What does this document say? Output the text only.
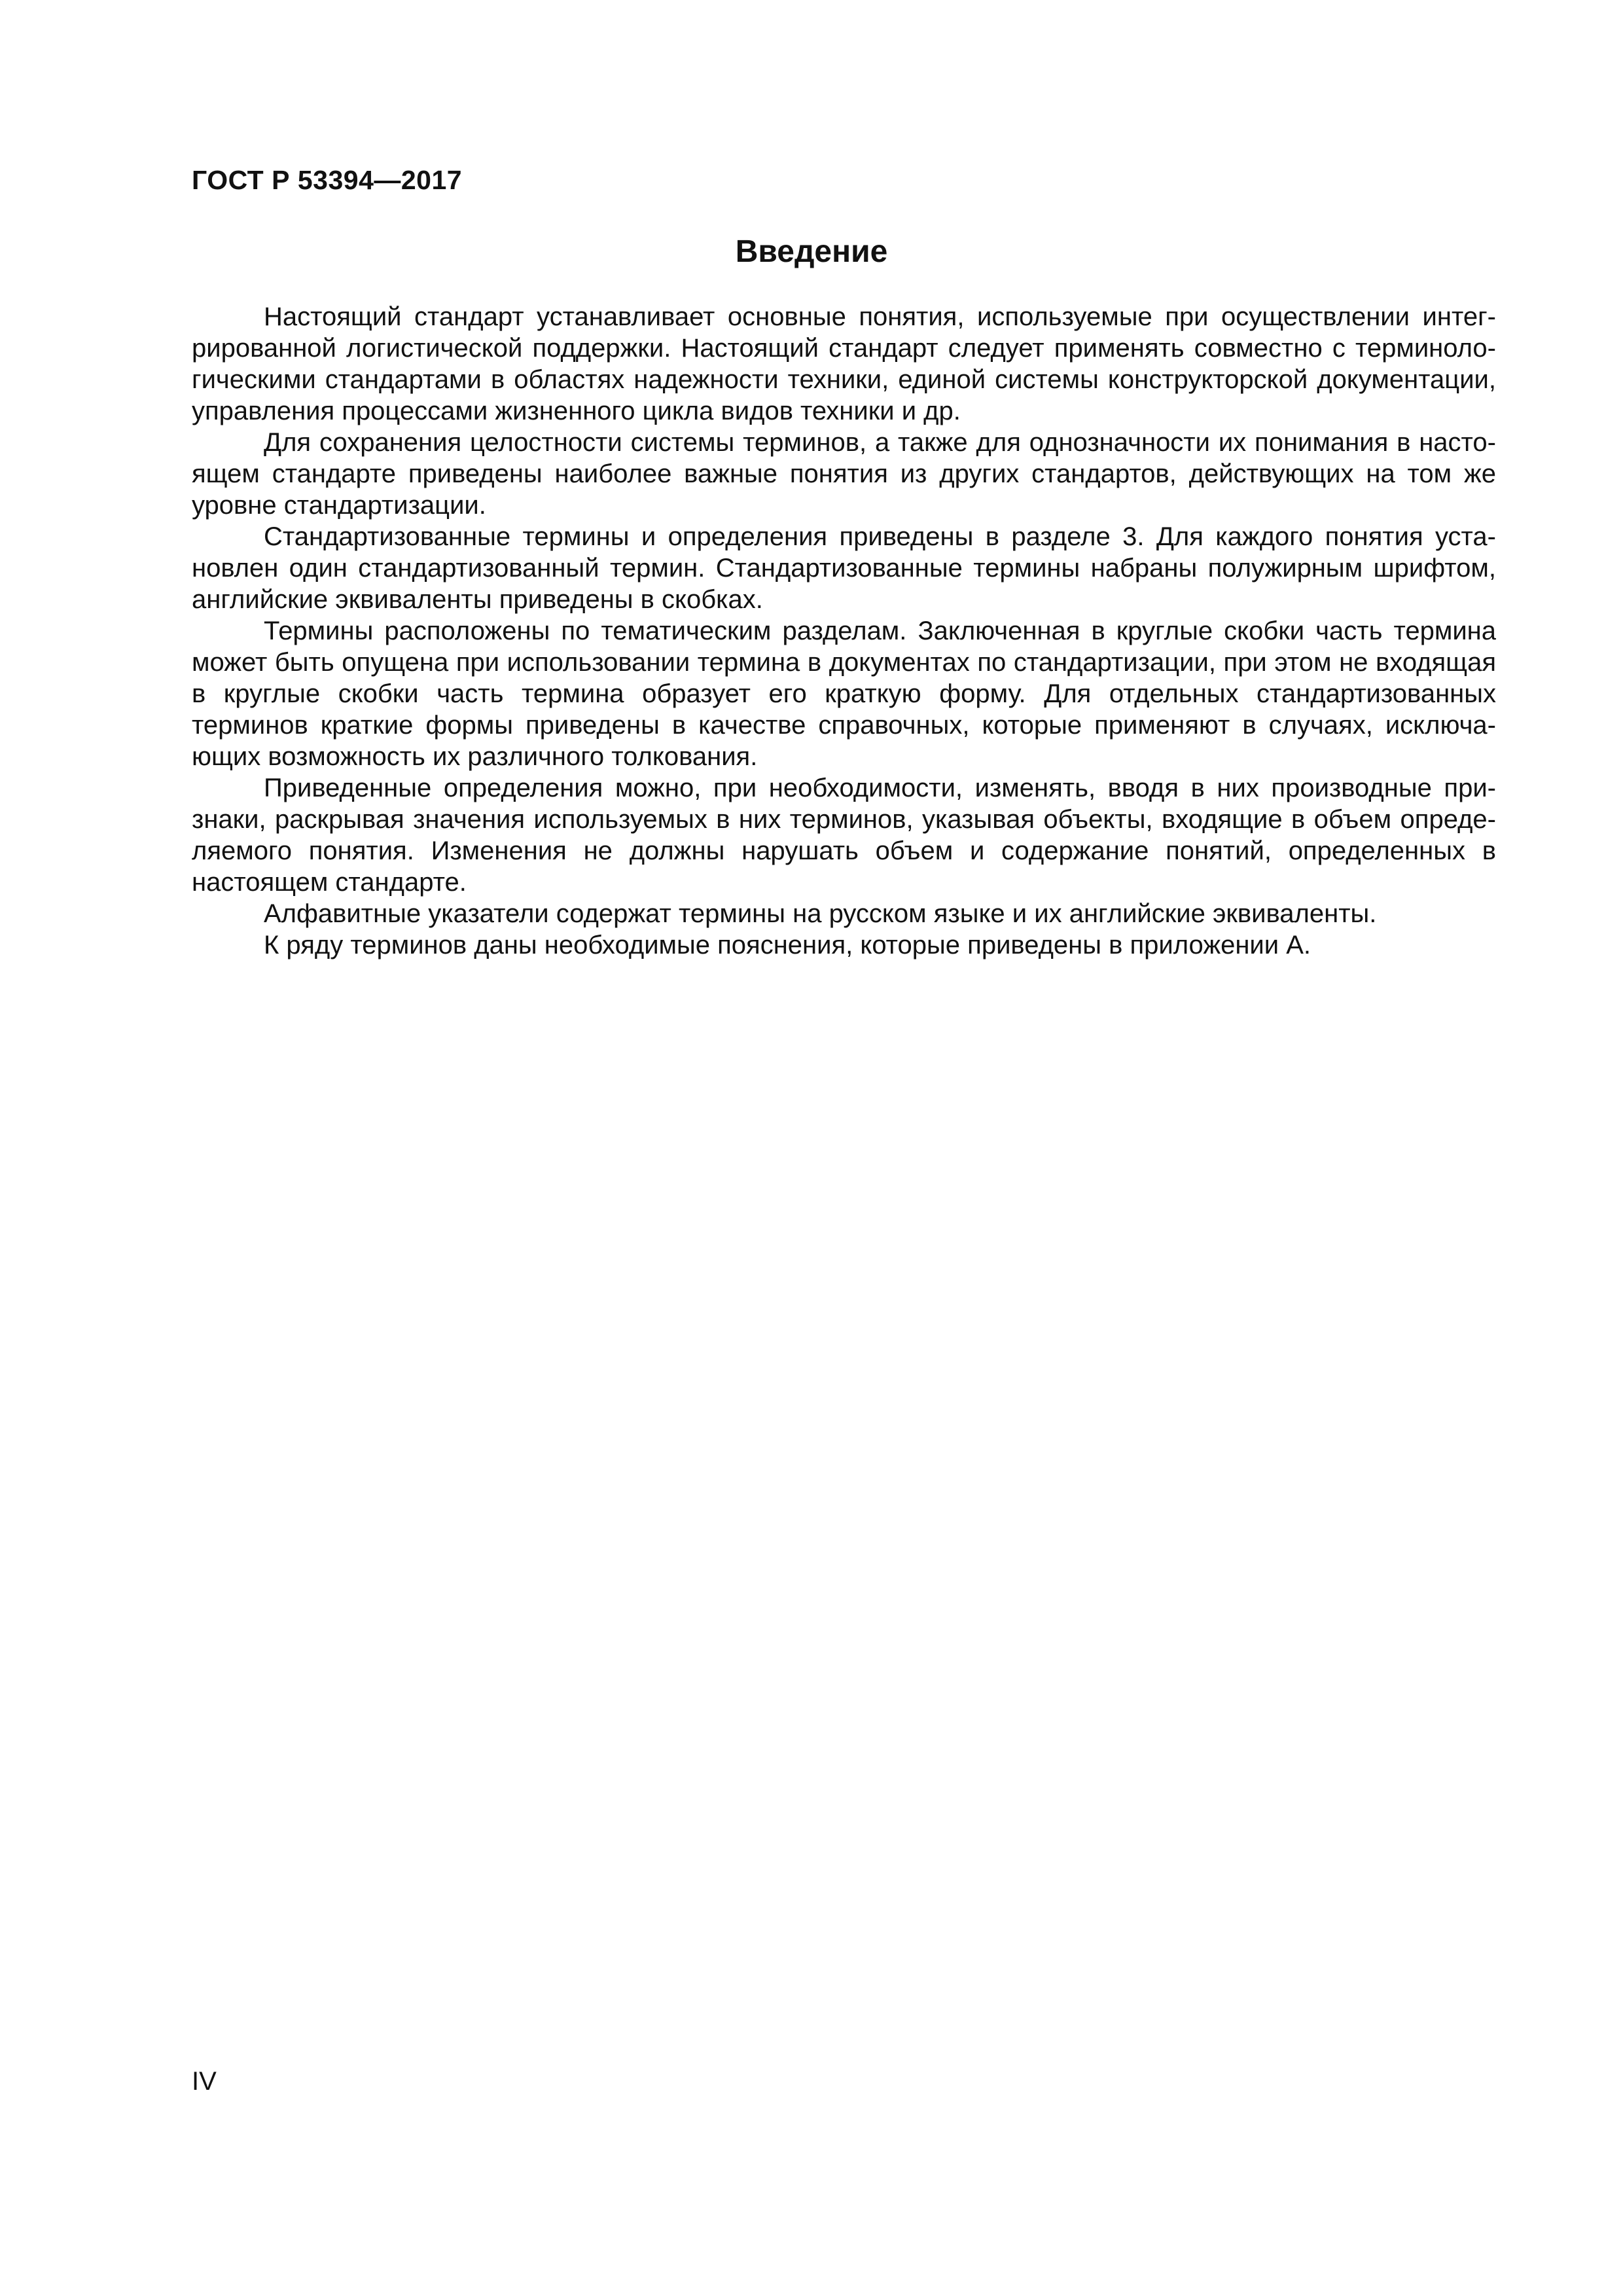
ГОСТ Р 53394—2017
Введение

Настоящий стандарт устанавливает основные понятия, используемые при осуществлении интегрированной логистической поддержки. Настоящий стандарт следует применять совместно с терминологическими стандартами в областях надежности техники, единой системы конструкторской документации, управления процессами жизненного цикла видов техники и др.

Для сохранения целостности системы терминов, а также для однозначности их понимания в настоящем стандарте приведены наиболее важные понятия из других стандартов, действующих на том же уровне стандартизации.

Стандартизованные термины и определения приведены в разделе 3. Для каждого понятия установлен один стандартизованный термин. Стандартизованные термины набраны полужирным шрифтом, английские эквиваленты приведены в скобках.

Термины расположены по тематическим разделам. Заключенная в круглые скобки часть термина может быть опущена при использовании термина в документах по стандартизации, при этом не входящая в круглые скобки часть термина образует его краткую форму. Для отдельных стандартизованных терминов краткие формы приведены в качестве справочных, которые применяют в случаях, исключающих возможность их различного толкования.

Приведенные определения можно, при необходимости, изменять, вводя в них производные признаки, раскрывая значения используемых в них терминов, указывая объекты, входящие в объем определяемого понятия. Изменения не должны нарушать объем и содержание понятий, определенных в настоящем стандарте.

Алфавитные указатели содержат термины на русском языке и их английские эквиваленты.

К ряду терминов даны необходимые пояснения, которые приведены в приложении А.

IV
